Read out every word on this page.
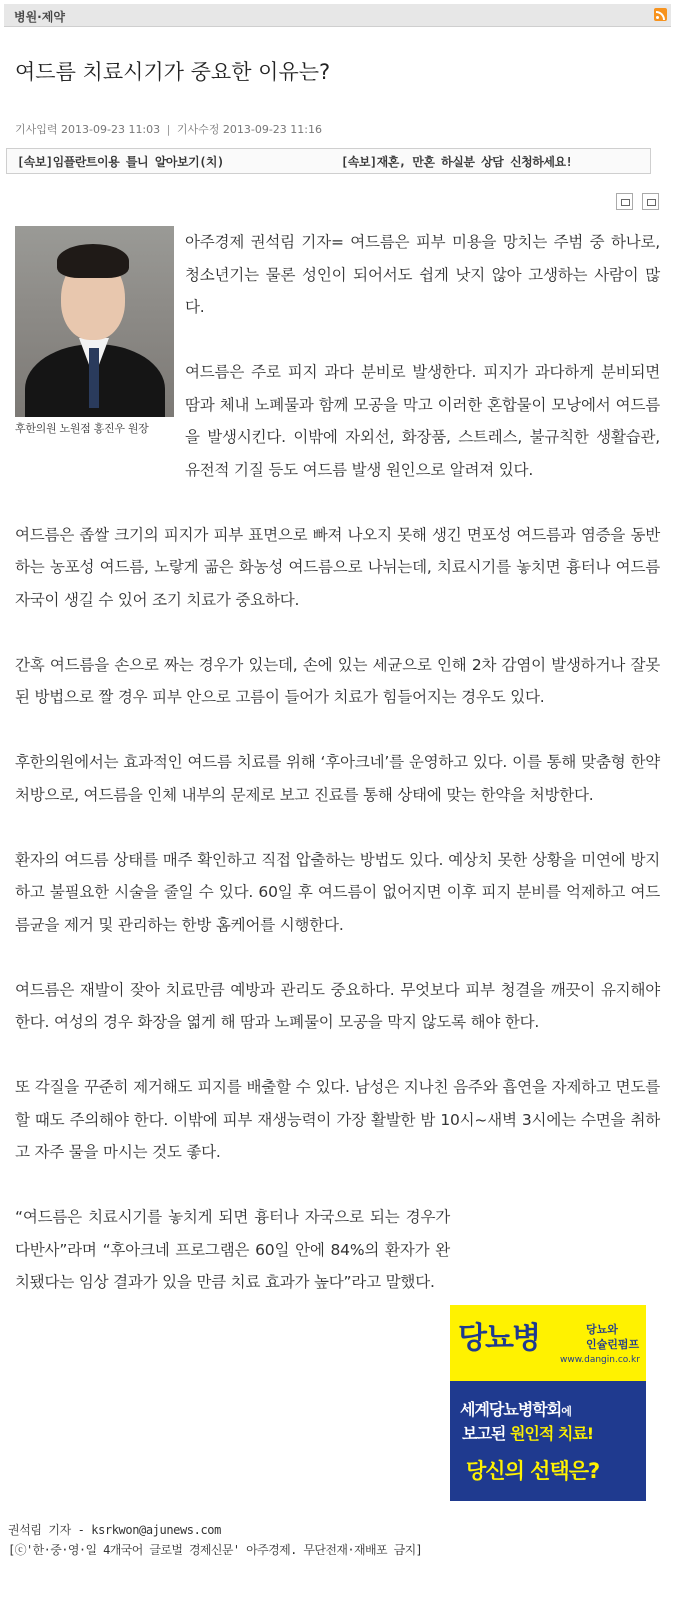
병원·제약
여드름 치료시기가 중요한 이유는?
기사입력 2013-09-23 11:03 | 기사수정 2013-09-23 11:16
[속보]임플란트이용 틀니 알아보기(치)	[속보]재혼, 만혼 하실분 상담 신청하세요!

후한의원 노원점 홍진우 원장

아주경제 권석림 기자= 여드름은 피부 미용을 망치는 주범 중 하나로, 청소년기는 물론 성인이 되어서도 쉽게 낫지 않아 고생하는 사람이 많다.

여드름은 주로 피지 과다 분비로 발생한다. 피지가 과다하게 분비되면 땀과 체내 노폐물과 함께 모공을 막고 이러한 혼합물이 모낭에서 여드름을 발생시킨다. 이밖에 자외선, 화장품, 스트레스, 불규칙한 생활습관, 유전적 기질 등도 여드름 발생 원인으로 알려져 있다.

여드름은 좁쌀 크기의 피지가 피부 표면으로 빠져 나오지 못해 생긴 면포성 여드름과 염증을 동반하는 농포성 여드름, 노랗게 곪은 화농성 여드름으로 나뉘는데, 치료시기를 놓치면 흉터나 여드름 자국이 생길 수 있어 조기 치료가 중요하다.

간혹 여드름을 손으로 짜는 경우가 있는데, 손에 있는 세균으로 인해 2차 감염이 발생하거나 잘못된 방법으로 짤 경우 피부 안으로 고름이 들어가 치료가 힘들어지는 경우도 있다.

후한의원에서는 효과적인 여드름 치료를 위해 ‘후아크네’를 운영하고 있다. 이를 통해 맞춤형 한약 처방으로, 여드름을 인체 내부의 문제로 보고 진료를 통해 상태에 맞는 한약을 처방한다.

환자의 여드름 상태를 매주 확인하고 직접 압출하는 방법도 있다. 예상치 못한 상황을 미연에 방지하고 불필요한 시술을 줄일 수 있다. 60일 후 여드름이 없어지면 이후 피지 분비를 억제하고 여드름균을 제거 및 관리하는 한방 홈케어를 시행한다.

여드름은 재발이 잦아 치료만큼 예방과 관리도 중요하다. 무엇보다 피부 청결을 깨끗이 유지해야 한다. 여성의 경우 화장을 엷게 해 땀과 노폐물이 모공을 막지 않도록 해야 한다.

또 각질을 꾸준히 제거해도 피지를 배출할 수 있다. 남성은 지나친 음주와 흡연을 자제하고 면도를 할 때도 주의해야 한다. 이밖에 피부 재생능력이 가장 활발한 밤 10시~새벽 3시에는 수면을 취하고 자주 물을 마시는 것도 좋다.

“여드름은 치료시기를 놓치게 되면 흉터나 자국으로 되는 경우가 다반사”라며 “후아크네 프로그램은 60일 안에 84%의 환자가 완치됐다는 임상 결과가 있을 만큼 치료 효과가 높다”라고 말했다.

당뇨병	당뇨와
인슐린펌프
www.dangin.co.kr
세계당뇨병학회에
보고된 원인적 치료!
당신의 선택은?
권석림 기자 - ksrkwon@ajunews.com
[ⓒ'한·중·영·일 4개국어 글로벌 경제신문' 아주경제. 무단전재·재배포 금지]
